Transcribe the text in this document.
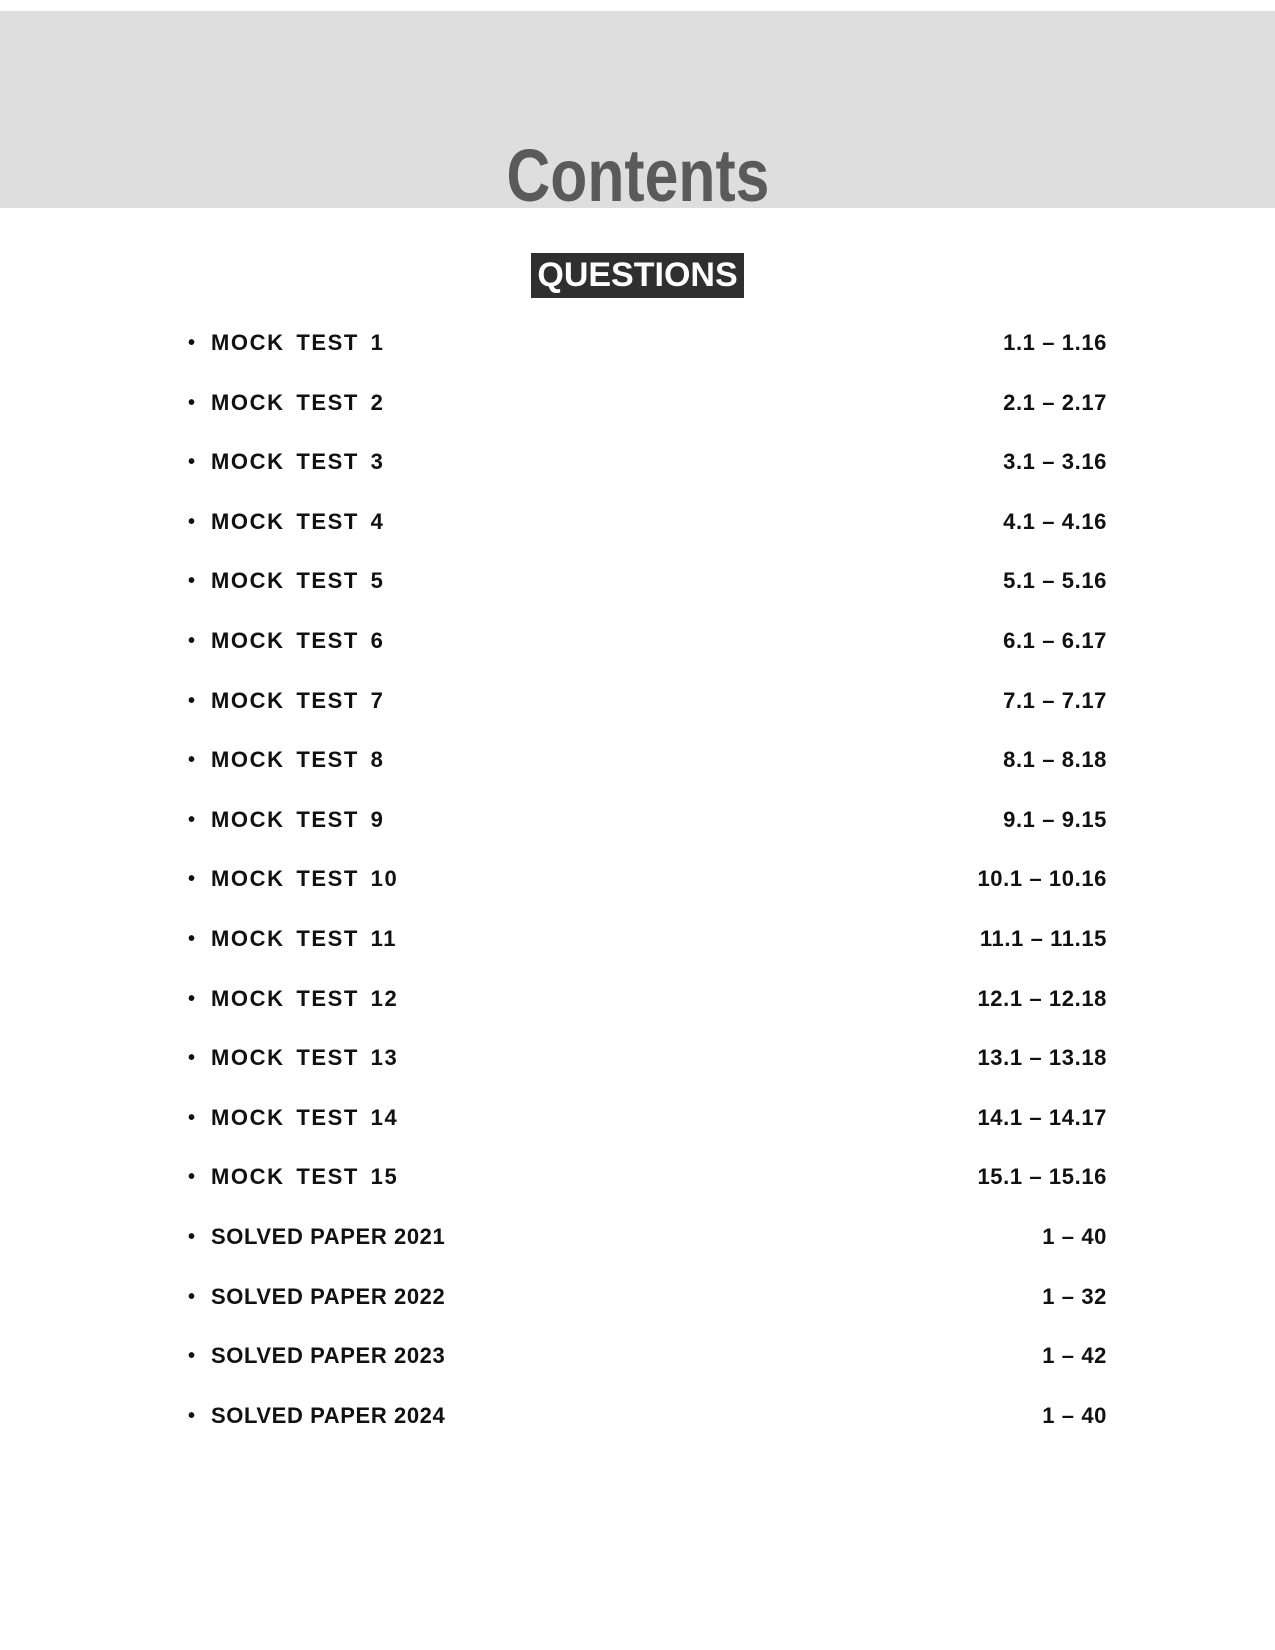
Contents
QUESTIONS
• MOCK TEST 1	1.1 – 1.16
• MOCK TEST 2	2.1 – 2.17
• MOCK TEST 3	3.1 – 3.16
• MOCK TEST 4	4.1 – 4.16
• MOCK TEST 5	5.1 – 5.16
• MOCK TEST 6	6.1 – 6.17
• MOCK TEST 7	7.1 – 7.17
• MOCK TEST 8	8.1 – 8.18
• MOCK TEST 9	9.1 – 9.15
• MOCK TEST 10	10.1 – 10.16
• MOCK TEST 11	11.1 – 11.15
• MOCK TEST 12	12.1 – 12.18
• MOCK TEST 13	13.1 – 13.18
• MOCK TEST 14	14.1 – 14.17
• MOCK TEST 15	15.1 – 15.16
• SOLVED PAPER 2021	1 – 40
• SOLVED PAPER 2022	1 – 32
• SOLVED PAPER 2023	1 – 42
• SOLVED PAPER 2024	1 – 40
